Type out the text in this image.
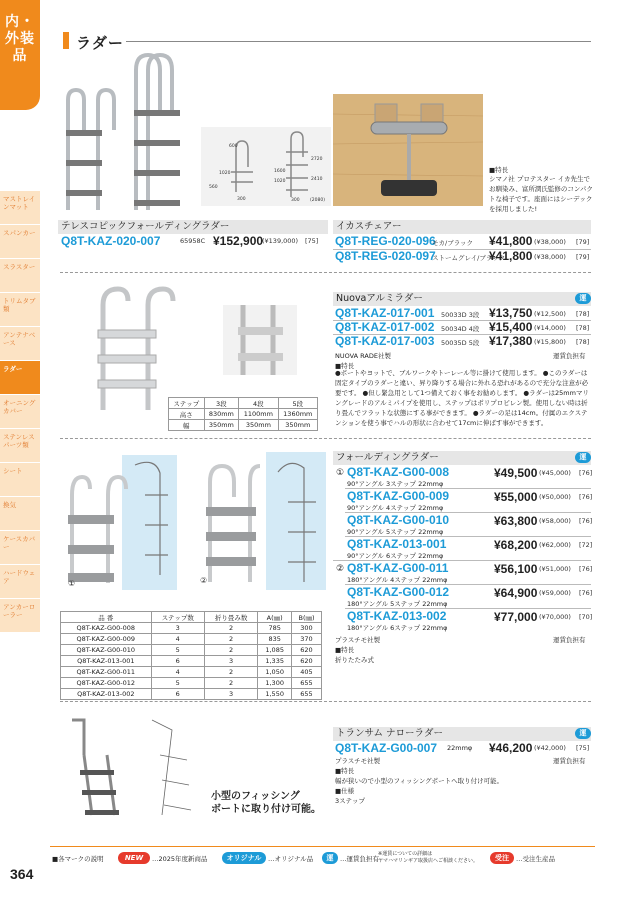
内・外装品
マストレインマット
スパンカー
スラスター
トリムタブ類
アンテナベース
ラダー
オーニングカバー
ステンレスパーツ類
シート
換気
ケースカバー
ハードウェア
アンカーローラー
364
ラダー
600
1020
2720
560
1600
1020
300
2410
300 (2080)
テレスコピックフォールディングラダー
Q8T-KAZ-020-007	65958C ¥152,900
(¥139,000) [75]
■特長
シマノ社 プロテスター イカ先生でお馴染み、富所潤氏監修のコンパクトな椅子です。座面にはシーデックを採用しました!
イカスチェアー
Q8T-REG-020-096
モカ/ブラック ¥41,800 (¥38,000) [79]
Q8T-REG-020-097
ストームグレイ/ブラック
¥41,800 (¥38,000) [79]
ステップ	3段	4段	5段
高さ	830mm	1100mm	1360mm
幅	350mm	350mm	350mm
Nuovaアルミラダー	運
Q8T-KAZ-017-001 50033D 3段 ¥13,750 (¥12,500) [78]
Q8T-KAZ-017-002 50034D 4段 ¥15,400 (¥14,000) [78]
Q8T-KAZ-017-003 50035D 5段 ¥17,380 (¥15,800) [78]
NUOVA RADE社製	運賃負担有
■特長
●ボートやヨットで、ブルワークやトーレール等に掛けて使用します。 ●このラダーは固定タイプのラダーと違い、昇り降りする場合に外れる恐れがあるので充分な注意が必要です。 ●但し緊急用として1つ備えておく事をお勧めします。 ●ラダーは25mmマリングレードのアルミパイプを使用し、ステップはポリプロピレン製。使用しない時は折り畳んでフラットな状態にする事ができます。 ●ラダーの足は14cm。付属のエクステンションを使う事でハルの形状に合わせて17cmに伸ばす事ができます。
①	②
品 番	ステップ数	折り畳み数	A(㎜)	B(㎜)
Q8T-KAZ-G00-008	3	2	785	300
Q8T-KAZ-G00-009	4	2	835	370
Q8T-KAZ-G00-010	5	2	1,085	620
Q8T-KAZ-013-001	6	3	1,335	620
Q8T-KAZ-G00-011	4	2	1,050	405
Q8T-KAZ-G00-012	5	2	1,300	655
Q8T-KAZ-013-002	6	3	1,550	655
フォールディングラダー	運
① Q8T-KAZ-G00-008
90°アングル 3ステップ 22mmφ
¥49,500 (¥45,000) [76]
Q8T-KAZ-G00-009
90°アングル 4ステップ 22mmφ
¥55,000 (¥50,000) [76]
Q8T-KAZ-G00-010
90°アングル 5ステップ 22mmφ
¥63,800 (¥58,000) [76]
Q8T-KAZ-013-001
90°アングル 6ステップ 22mmφ
¥68,200 (¥62,000) [72]
② Q8T-KAZ-G00-011
180°アングル 4ステップ 22mmφ
¥56,100 (¥51,000) [76]
Q8T-KAZ-G00-012
180°アングル 5ステップ 22mmφ
¥64,900 (¥59,000) [76]
Q8T-KAZ-013-002
180°アングル 6ステップ 22mmφ
¥77,000 (¥70,000) [70]
プラスチモ社製	運賃負担有
■特長
折りたたみ式
小型のフィッシング
ボートに取り付け可能。
トランサム ナローラダー	運
Q8T-KAZ-G00-007 22mmφ ¥46,200 (¥42,000) [75]
プラスチモ社製	運賃負担有
■特長
幅が狭いので小型のフィッシングボートへ取り付け可能。
■仕様
3ステップ
■各マークの説明	NEW	…2025年度新商品	オリジナル	…オリジナル品	運	…運賃負担有
※運賃についての詳細は
ヤマハマリンギア取扱店へご相談ください。	受注	…受注生産品
